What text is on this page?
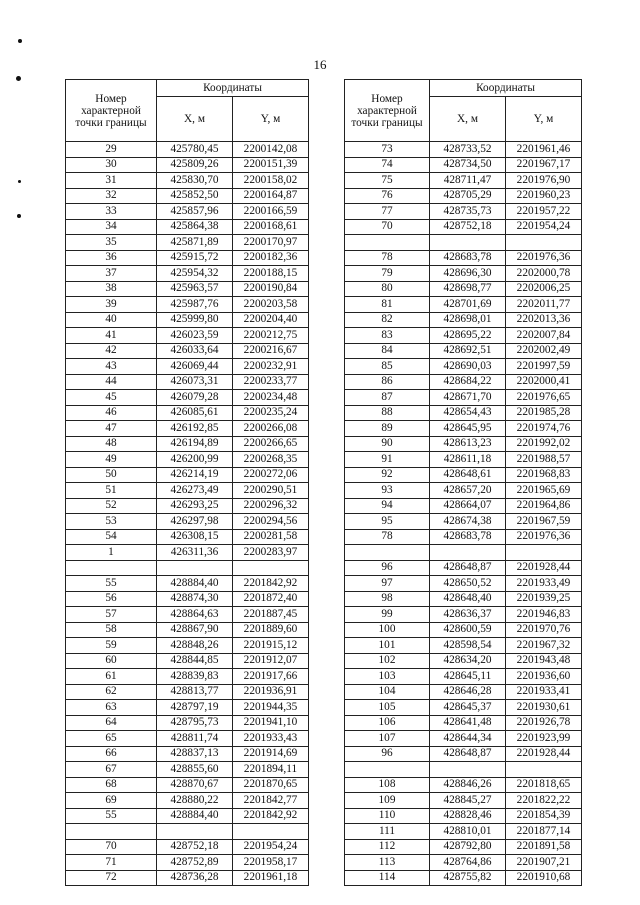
16
Номер характерной точки границы	Координаты	
	X, м	Y, м
29	425780,45	2200142,08
30	425809,26	2200151,39
31	425830,70	2200158,02
32	425852,50	2200164,87
33	425857,96	2200166,59
34	425864,38	2200168,61
35	425871,89	2200170,97
36	425915,72	2200182,36
37	425954,32	2200188,15
38	425963,57	2200190,84
39	425987,76	2200203,58
40	425999,80	2200204,40
41	426023,59	2200212,75
42	426033,64	2200216,67
43	426069,44	2200232,91
44	426073,31	2200233,77
45	426079,28	2200234,48
46	426085,61	2200235,24
47	426192,85	2200266,08
48	426194,89	2200266,65
49	426200,99	2200268,35
50	426214,19	2200272,06
51	426273,49	2200290,51
52	426293,25	2200296,32
53	426297,98	2200294,56
54	426308,15	2200281,58
1	426311,36	2200283,97

55	428884,40	2201842,92
56	428874,30	2201872,40
57	428864,63	2201887,45
58	428867,90	2201889,60
59	428848,26	2201915,12
60	428844,85	2201912,07
61	428839,83	2201917,66
62	428813,77	2201936,91
63	428797,19	2201944,35
64	428795,73	2201941,10
65	428811,74	2201933,43
66	428837,13	2201914,69
67	428855,60	2201894,11
68	428870,67	2201870,65
69	428880,22	2201842,77
55	428884,40	2201842,92

70	428752,18	2201954,24
71	428752,89	2201958,17
72	428736,28	2201961,18
Номер характерной точки границы	Координаты	
	X, м	Y, м
73	428733,52	2201961,46
74	428734,50	2201967,17
75	428711,47	2201976,90
76	428705,29	2201960,23
77	428735,73	2201957,22
70	428752,18	2201954,24

78	428683,78	2201976,36
79	428696,30	2202000,78
80	428698,77	2202006,25
81	428701,69	2202011,77
82	428698,01	2202013,36
83	428695,22	2202007,84
84	428692,51	2202002,49
85	428690,03	2201997,59
86	428684,22	2202000,41
87	428671,70	2201976,65
88	428654,43	2201985,28
89	428645,95	2201974,76
90	428613,23	2201992,02
91	428611,18	2201988,57
92	428648,61	2201968,83
93	428657,20	2201965,69
94	428664,07	2201964,86
95	428674,38	2201967,59
78	428683,78	2201976,36

96	428648,87	2201928,44
97	428650,52	2201933,49
98	428648,40	2201939,25
99	428636,37	2201946,83
100	428600,59	2201970,76
101	428598,54	2201967,32
102	428634,20	2201943,48
103	428645,11	2201936,60
104	428646,28	2201933,41
105	428645,37	2201930,61
106	428641,48	2201926,78
107	428644,34	2201923,99
96	428648,87	2201928,44

108	428846,26	2201818,65
109	428845,27	2201822,22
110	428828,46	2201854,39
111	428810,01	2201877,14
112	428792,80	2201891,58
113	428764,86	2201907,21
114	428755,82	2201910,68
